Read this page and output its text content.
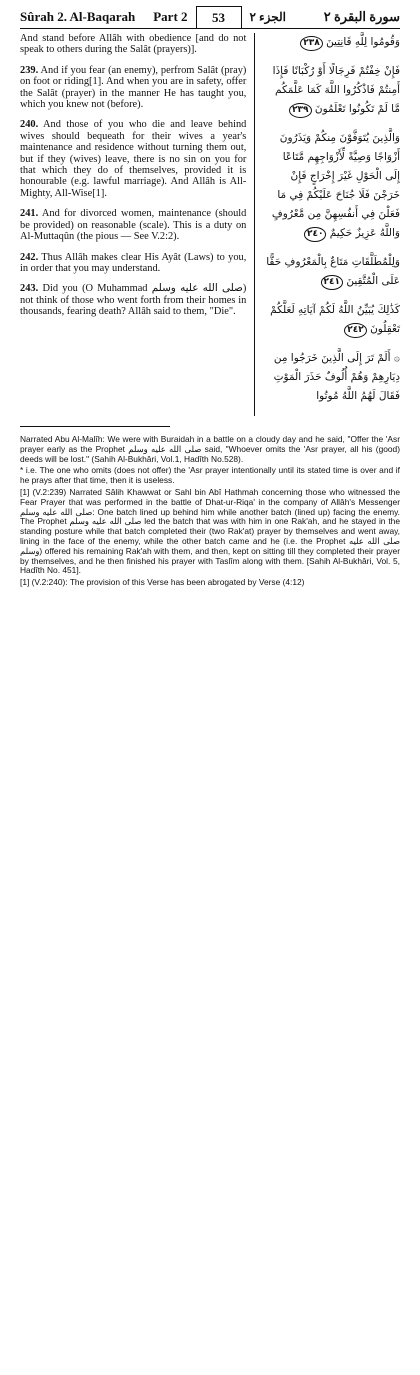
Sûrah 2. Al-Baqarah Part 2	53	الجزء ٢	سورة البقرة ٢

And stand before Allâh with obedience [and do not speak to others during the Salât (prayers)].

239. And if you fear (an enemy), perfrom Salât (pray) on foot or riding[1]. And when you are in safety, offer the Salât (prayer) in the manner He has taught you, which you knew not (before).

240. And those of you who die and leave behind wives should bequeath for their wives a year's maintenance and residence without turning them out, but if they (wives) leave, there is no sin on you for that which they do of themselves, provided it is honourable (e.g. lawful marriage). And Allâh is All-Mighty, All-Wise[1].

241. And for divorced women, maintenance (should be provided) on reasonable (scale). This is a duty on Al-Muttaqûn (the pious — See V.2:2).

242. Thus Allâh makes clear His Ayât (Laws) to you, in order that you may understand.

243. Did you (O Muhammad صلى الله عليه وسلم) not think of those who went forth from their homes in thousands, fearing death? Allâh said to them, "Die".

وَقُومُوا لِلَّهِ قَانِتِينَ ٢٣٨

فَإِنْ خِفْتُمْ فَرِجَالًا أَوْ رُكْبَانًا فَإِذَا أَمِنتُمْ فَاذْكُرُوا اللَّهَ كَمَا عَلَّمَكُم مَّا لَمْ تَكُونُوا تَعْلَمُونَ ٢٣٩

وَالَّذِينَ يُتَوَفَّوْنَ مِنكُمْ وَيَذَرُونَ أَزْوَاجًا وَصِيَّةً لِّأَزْوَاجِهِم مَّتَاعًا إِلَى الْحَوْلِ غَيْرَ إِخْرَاجٍ فَإِنْ خَرَجْنَ فَلَا جُنَاحَ عَلَيْكُمْ فِي مَا فَعَلْنَ فِي أَنفُسِهِنَّ مِن مَّعْرُوفٍ وَاللَّهُ عَزِيزٌ حَكِيمٌ ٢٤٠

وَلِلْمُطَلَّقَاتِ مَتَاعٌ بِالْمَعْرُوفِ حَقًّا عَلَى الْمُتَّقِينَ ٢٤١

كَذَٰلِكَ يُبَيِّنُ اللَّهُ لَكُمْ آيَاتِهِ لَعَلَّكُمْ تَعْقِلُونَ ٢٤٢

۞ أَلَمْ تَرَ إِلَى الَّذِينَ خَرَجُوا مِن دِيَارِهِمْ وَهُمْ أُلُوفٌ حَذَرَ الْمَوْتِ فَقَالَ لَهُمُ اللَّهُ مُوتُوا

Narrated Abu Al-Malîh: We were with Buraidah in a battle on a cloudy day and he said, "Offer the 'Asr prayer early as the Prophet صلى الله عليه وسلم said, "Whoever omits the 'Asr prayer, all his (good) deeds will be lost." (Sahih Al-Bukhâri, Vol.1, Hadîth No.528).

* i.e. The one who omits (does not offer) the 'Asr prayer intentionally until its stated time is over and if he prays after that time, then it is useless.

[1] (V.2:239) Narrated Sâlih Khawwat or Sahl bin Abî Hathmah concerning those who witnessed the Fear Prayer that was performed in the battle of Dhat-ur-Riqa' in the company of Allâh's Messenger صلى الله عليه وسلم: One batch lined up behind him while another batch (lined up) facing the enemy. The Prophet صلى الله عليه وسلم led the batch that was with him in one Rak'ah, and he stayed in the standing posture while that batch completed their (two Rak'at) prayer by themselves and went away, lining in the face of the enemy, while the other batch came and he (i.e. the Prophet صلى الله عليه وسلم) offered his remaining Rak'ah with them, and then, kept on sitting till they completed their prayer by themselves, and he then finished his prayer with Taslîm along with them. [Sahih Al-Bukhâri, Vol. 5, Hadîth No. 451].

[1] (V.2:240): The provision of this Verse has been abrogated by Verse (4:12)
